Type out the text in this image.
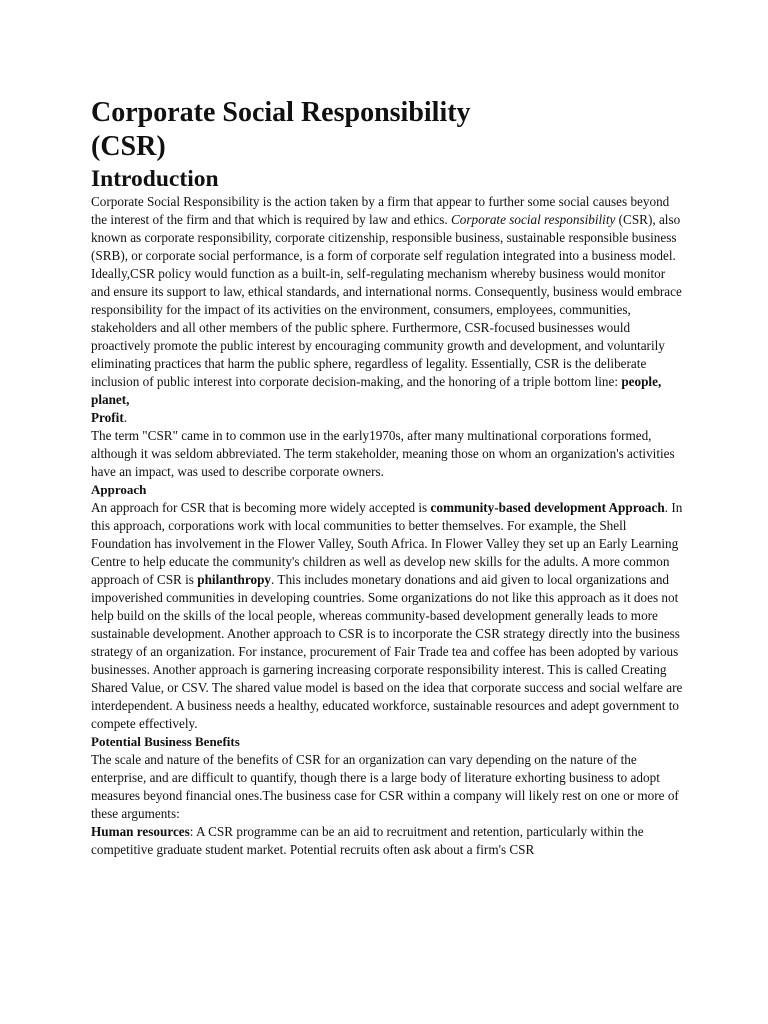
Corporate Social Responsibility
(CSR)
Introduction

Corporate Social Responsibility is the action taken by a firm that appear to further some social causes beyond the interest of the firm and that which is required by law and ethics. Corporate social responsibility (CSR), also known as corporate responsibility, corporate citizenship, responsible business, sustainable responsible business (SRB), or corporate social performance, is a form of corporate self regulation integrated into a business model. Ideally,CSR policy would function as a built-in, self-regulating mechanism whereby business would monitor and ensure its support to law, ethical standards, and international norms. Consequently, business would embrace responsibility for the impact of its activities on the environment, consumers, employees, communities, stakeholders and all other members of the public sphere. Furthermore, CSR-focused businesses would proactively promote the public interest by encouraging community growth and development, and voluntarily eliminating practices that harm the public sphere, regardless of legality. Essentially, CSR is the deliberate inclusion of public interest into corporate decision-making, and the honoring of a triple bottom line: people, planet,
Profit.

The term "CSR" came in to common use in the early1970s, after many multinational corporations formed, although it was seldom abbreviated. The term stakeholder, meaning those on whom an organization's activities have an impact, was used to describe corporate owners.

Approach

An approach for CSR that is becoming more widely accepted is community-based development Approach. In this approach, corporations work with local communities to better themselves. For example, the Shell Foundation has involvement in the Flower Valley, South Africa. In Flower Valley they set up an Early Learning Centre to help educate the community's children as well as develop new skills for the adults. A more common approach of CSR is philanthropy. This includes monetary donations and aid given to local organizations and impoverished communities in developing countries. Some organizations do not like this approach as it does not help build on the skills of the local people, whereas community-based development generally leads to more sustainable development. Another approach to CSR is to incorporate the CSR strategy directly into the business strategy of an organization. For instance, procurement of Fair Trade tea and coffee has been adopted by various businesses. Another approach is garnering increasing corporate responsibility interest. This is called Creating Shared Value, or CSV. The shared value model is based on the idea that corporate success and social welfare are interdependent. A business needs a healthy, educated workforce, sustainable resources and adept government to compete effectively.

Potential Business Benefits

The scale and nature of the benefits of CSR for an organization can vary depending on the nature of the enterprise, and are difficult to quantify, though there is a large body of literature exhorting business to adopt measures beyond financial ones.The business case for CSR within a company will likely rest on one or more of these arguments:

Human resources: A CSR programme can be an aid to recruitment and retention, particularly within the competitive graduate student market. Potential recruits often ask about a firm's CSR
